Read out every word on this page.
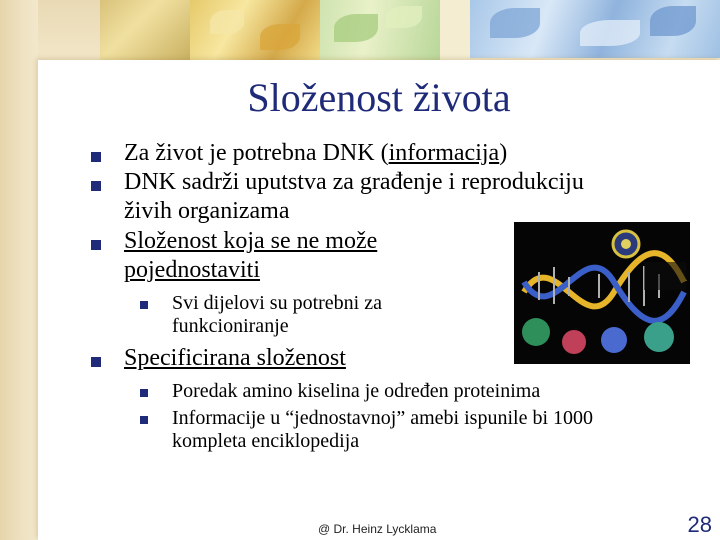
Složenost života
Za život je potrebna DNK (informacija)
DNK sadrži uputstva za građenje i reprodukciju
živih organizama
Složenost koja se ne može
pojednostaviti
Svi dijelovi su potrebni za
funkcioniranje
Specificirana složenost
Poredak amino kiselina je određen proteinima
Informacije u “jednostavnoj” amebi ispunile bi 1000
kompleta enciklopedija
@ Dr. Heinz Lycklama	28
